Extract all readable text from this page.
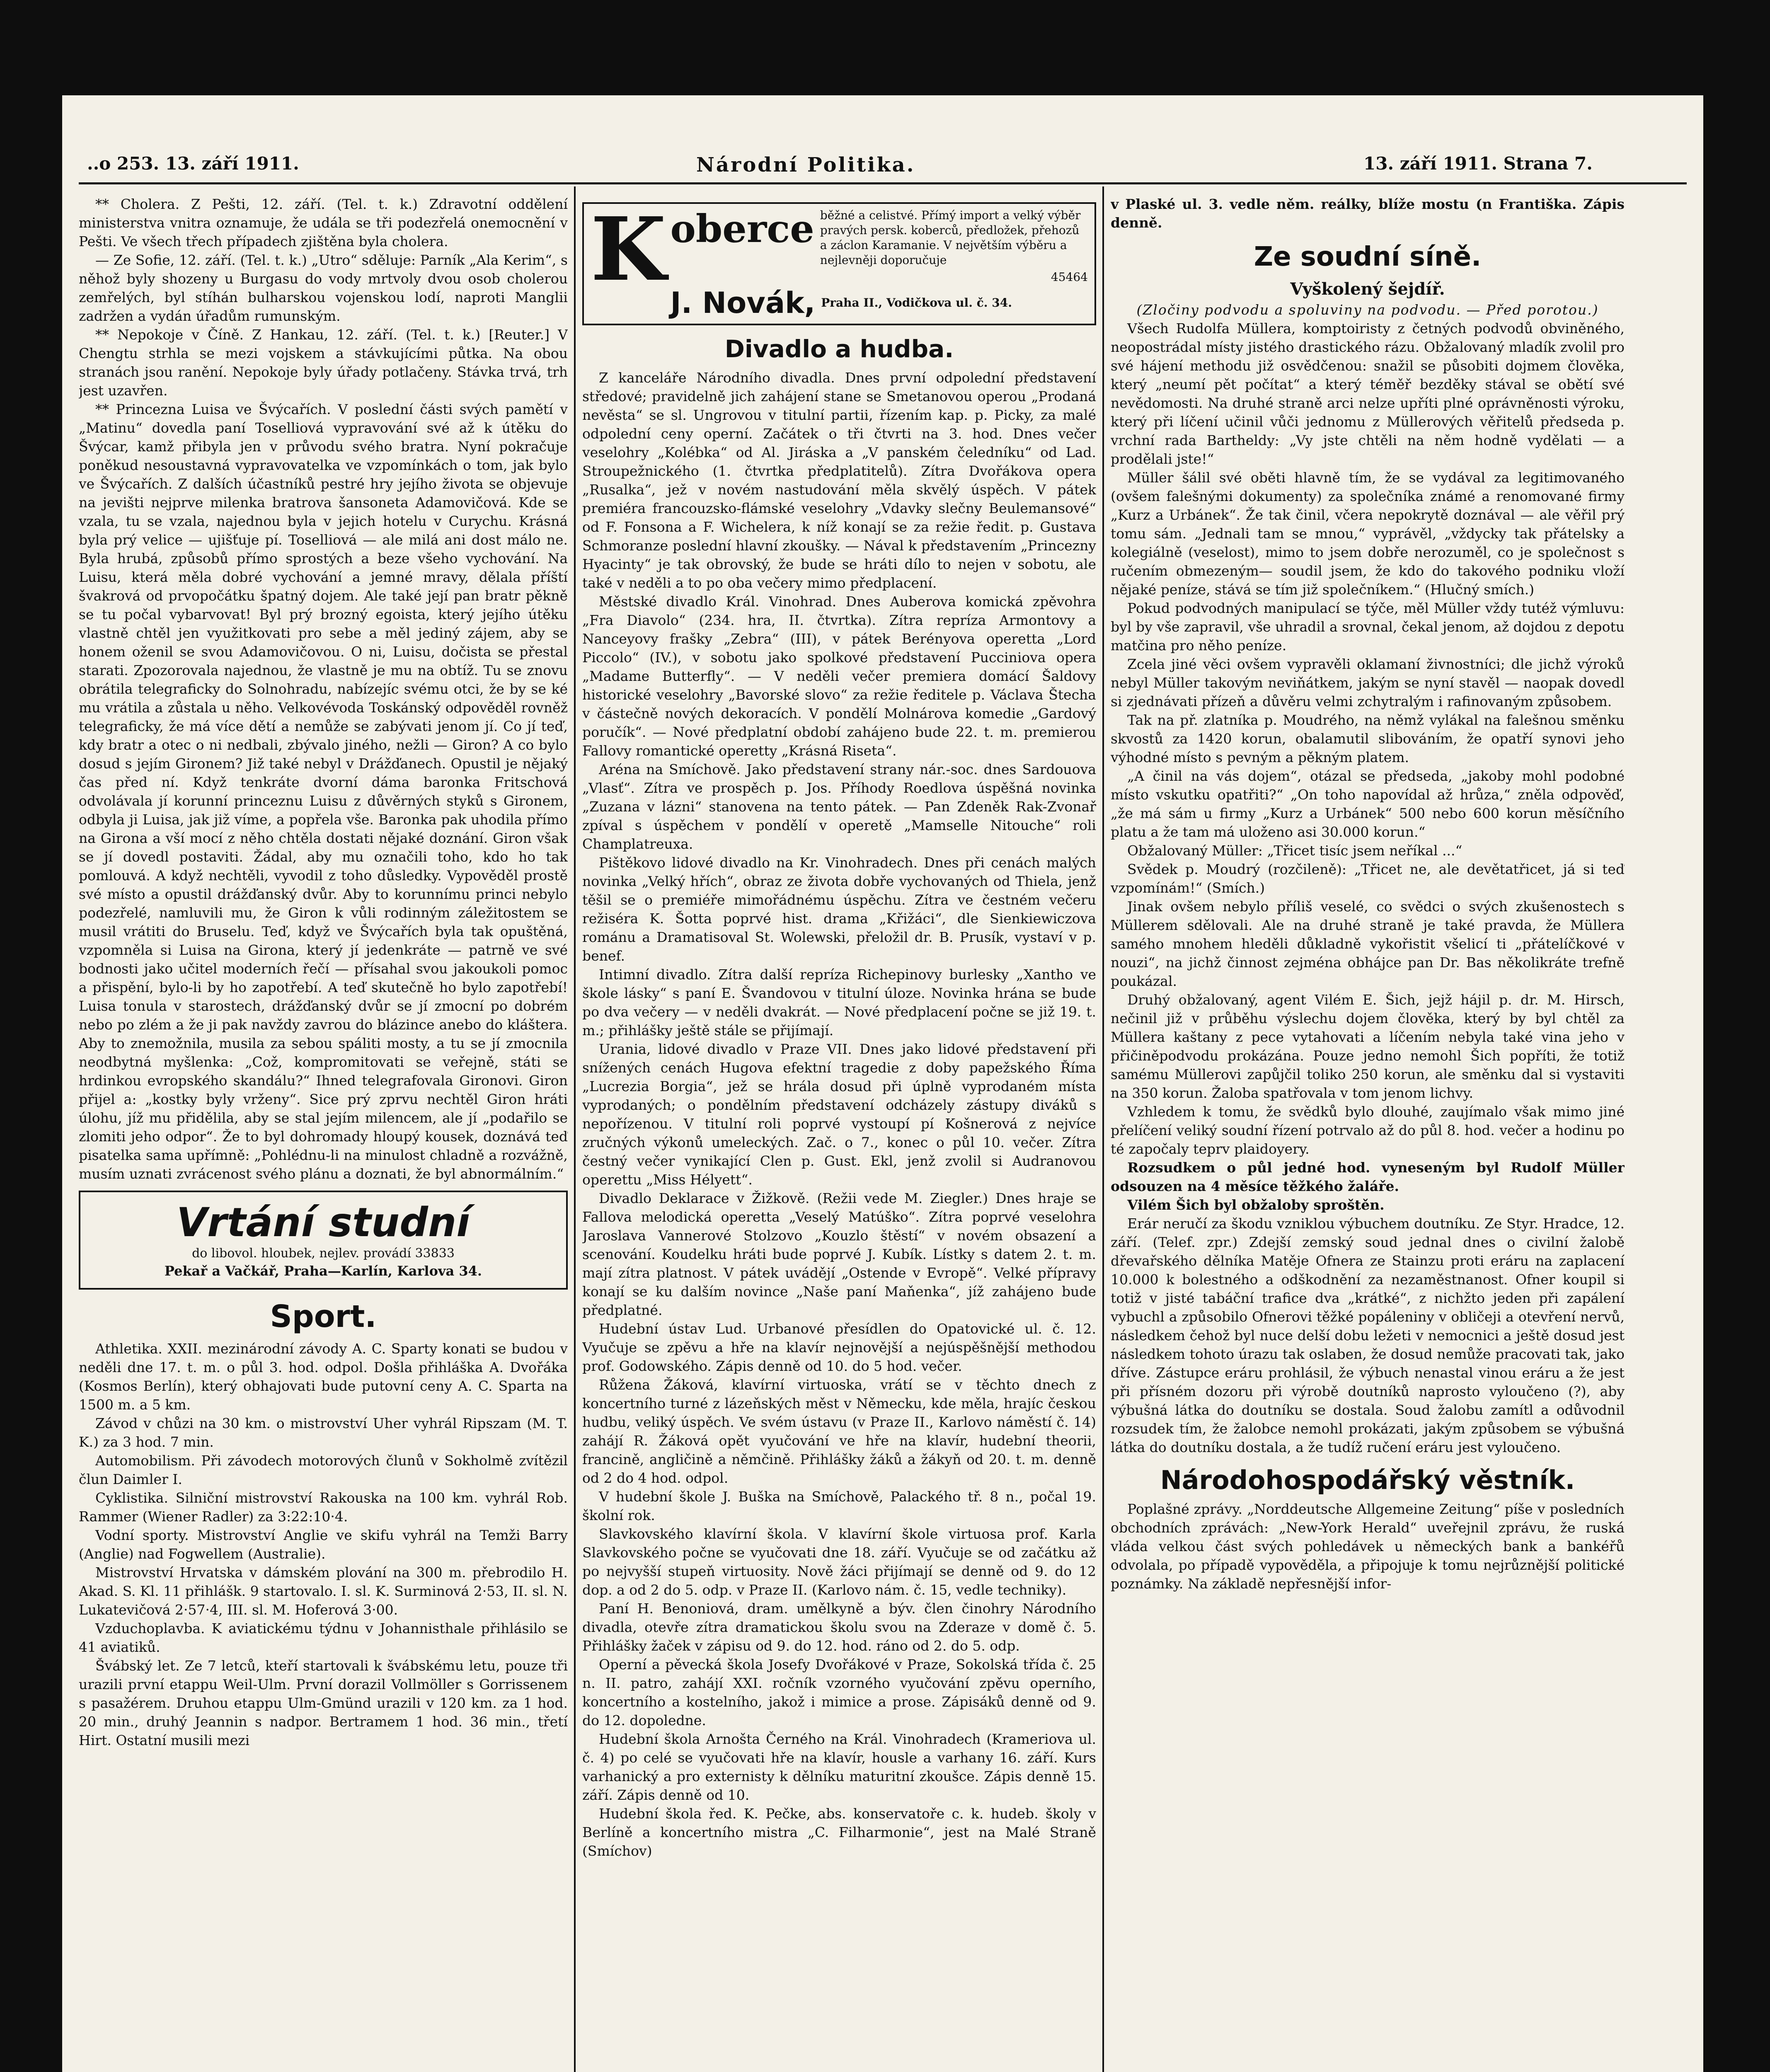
..o 253. 13. září 1911.	Národní Politika.	13. září 1911. Strana 7.

** Cholera. Z Pešti, 12. září. (Tel. t. k.) Zdravotní oddělení ministerstva vnitra oznamuje, že udála se tři podezřelá onemocnění v Pešti. Ve všech třech případech zjištěna byla cholera.

— Ze Sofie, 12. září. (Tel. t. k.) „Utro“ sděluje: Parník „Ala Kerim“, s něhož byly shozeny u Burgasu do vody mrtvoly dvou osob cholerou zemřelých, byl stíhán bulharskou vojenskou lodí, naproti Manglii zadržen a vydán úřadům rumunským.

** Nepokoje v Číně. Z Hankau, 12. září. (Tel. t. k.) [Reuter.] V Chengtu strhla se mezi vojskem a stávkujícími půtka. Na obou stranách jsou ranění. Nepokoje byly úřady potlačeny. Stávka trvá, trh jest uzavřen.

** Princezna Luisa ve Švýcařích. V poslední části svých pamětí v „Matinu“ dovedla paní Toselliová vypravování své až k útěku do Švýcar, kamž přibyla jen v průvodu svého bratra. Nyní pokračuje poněkud nesoustavná vypravovatelka ve vzpomínkách o tom, jak bylo ve Švýcařích. Z dalších účastníků pestré hry jejího života se objevuje na jevišti nejprve milenka bratrova šansoneta Adamovičová. Kde se vzala, tu se vzala, najednou byla v jejich hotelu v Curychu. Krásná byla prý velice — ujišťuje pí. Toselliová — ale milá ani dost málo ne. Byla hrubá, způsobů přímo sprostých a beze všeho vychování. Na Luisu, která měla dobré vychování a jemné mravy, dělala příští švakrová od prvopočátku špatný dojem. Ale také její pan bratr pěkně se tu počal vybarvovat! Byl prý brozný egoista, který jejího útěku vlastně chtěl jen využitkovati pro sebe a měl jediný zájem, aby se honem oženil se svou Adamovičovou. O ni, Luisu, dočista se přestal starati. Zpozorovala najednou, že vlastně je mu na obtíž. Tu se znovu obrátila telegraficky do Solnohradu, nabízejíc svému otci, že by se ké mu vrátila a zůstala u něho. Velkovévoda Toskánský odpověděl rovněž telegraficky, že má více dětí a nemůže se zabývati jenom jí. Co jí teď, kdy bratr a otec o ni nedbali, zbývalo jiného, nežli — Giron? A co bylo dosud s jejím Gironem? Již také nebyl v Drážďanech. Opustil je nějaký čas před ní. Když tenkráte dvorní dáma baronka Fritschová odvolávala jí korunní princeznu Luisu z důvěrných styků s Gironem, odbyla ji Luisa, jak již víme, a popřela vše. Baronka pak uhodila přímo na Girona a vší mocí z něho chtěla dostati nějaké doznání. Giron však se jí dovedl postaviti. Žádal, aby mu označili toho, kdo ho tak pomlouvá. A když nechtěli, vyvodil z toho důsledky. Vypověděl prostě své místo a opustil drážďanský dvůr. Aby to korunnímu princi nebylo podezřelé, namluvili mu, že Giron k vůli rodinným záležitostem se musil vrátiti do Bruselu. Teď, když ve Švýcařích byla tak opuštěná, vzpomněla si Luisa na Girona, který jí jedenkráte — patrně ve své bodnosti jako učitel moderních řečí — přísahal svou jakoukoli pomoc a přispění, bylo-li by ho zapotřebí. A teď skutečně ho bylo zapotřebí! Luisa tonula v starostech, drážďanský dvůr se jí zmocní po dobrém nebo po zlém a že ji pak navždy zavrou do blázince anebo do kláštera. Aby to znemožnila, musila za sebou spáliti mosty, a tu se jí zmocnila neodbytná myšlenka: „Což, kompromitovati se veřejně, státi se hrdinkou evropského skandálu?“ Ihned telegrafovala Gironovi. Giron přijel a: „kostky byly vrženy“. Sice prý zprvu nechtěl Giron hráti úlohu, jíž mu přidělila, aby se stal jejím milencem, ale jí „podařilo se zlomiti jeho odpor“. Že to byl dohromady hloupý kousek, doznává teď pisatelka sama upřímně: „Pohlédnu-li na minulost chladně a rozvážně, musím uznati zvrácenost svého plánu a doznati, že byl abnormálním.“

Vrtání studní
do libovol. hloubek, nejlev. provádí 33833
Pekař a Vačkář, Praha—Karlín, Karlova 34.
Sport.

Athletika. XXII. mezinárodní závody A. C. Sparty konati se budou v neděli dne 17. t. m. o půl 3. hod. odpol. Došla přihláška A. Dvořáka (Kosmos Berlín), který obhajovati bude putovní ceny A. C. Sparta na 1500 m. a 5 km.

Závod v chůzi na 30 km. o mistrovství Uher vyhrál Ripszam (M. T. K.) za 3 hod. 7 min.

Automobilism. Při závodech motorových člunů v Sokholmě zvítězil člun Daimler I.

Cyklistika. Silniční mistrovství Rakouska na 100 km. vyhrál Rob. Rammer (Wiener Radler) za 3:22:10·4.

Vodní sporty. Mistrovství Anglie ve skifu vyhrál na Temži Barry (Anglie) nad Fogwellem (Australie).

Mistrovství Hrvatska v dámském plování na 300 m. přebrodilo H. Akad. S. Kl. 11 přihlášk. 9 startovalo. I. sl. K. Surminová 2·53, II. sl. N. Lukatevičová 2·57·4, III. sl. M. Hoferová 3·00.

Vzduchoplavba. K aviatickému týdnu v Johannisthale přihlásilo se 41 aviatiků.

Švábský let. Ze 7 letců, kteří startovali k švábskému letu, pouze tři urazili první etappu Weil-Ulm. První dorazil Vollmöller s Gorrissenem s pasažérem. Druhou etappu Ulm-Gmünd urazili v 120 km. za 1 hod. 20 min., druhý Jeannin s nadpor. Bertramem 1 hod. 36 min., třetí Hirt. Ostatní musili mezi

K oberce běžné a celistvé. Přímý import a velký výběr pravých persk. koberců, předložek, přehozů a záclon Karamanie. V největším výběru a nejlevněji doporučuje
45464
J. Novák, Praha II., Vodičkova ul. č. 34.
Divadlo a hudba.

Z kanceláře Národního divadla. Dnes první odpolední představení středové; pravidelně jich zahájení stane se Smetanovou operou „Prodaná nevěsta“ se sl. Ungrovou v titulní partii, řízením kap. p. Picky, za malé odpolední ceny operní. Začátek o tři čtvrti na 3. hod. Dnes večer veselohry „Kolébka“ od Al. Jiráska a „V panském čeledníku“ od Lad. Stroupežnického (1. čtvrtka předplatitelů). Zítra Dvořákova opera „Rusalka“, jež v novém nastudování měla skvělý úspěch. V pátek premiéra francouzsko-flámské veselohry „Vdavky slečny Beulemansové“ od F. Fonsona a F. Wichelera, k níž konají se za režie ředit. p. Gustava Schmoranze poslední hlavní zkoušky. — Nával k představením „Princezny Hyacinty“ je tak obrovský, že bude se hráti dílo to nejen v sobotu, ale také v neděli a to po oba večery mimo předplacení.

Městské divadlo Král. Vinohrad. Dnes Auberova komická zpěvohra „Fra Diavolo“ (234. hra, II. čtvrtka). Zítra repríza Armontovy a Nanceyovy frašky „Zebra“ (III), v pátek Berényova operetta „Lord Piccolo“ (IV.), v sobotu jako spolkové představení Pucciniova opera „Madame Butterfly“. — V neděli večer premiera domácí Šaldovy historické veselohry „Bavorské slovo“ za režie ředitele p. Václava Štecha v částečně nových dekoracích. V pondělí Molnárova komedie „Gardový poručík“. — Nové předplatní období zahájeno bude 22. t. m. premierou Fallovy romantické operetty „Krásná Riseta“.

Aréna na Smíchově. Jako představení strany nár.-soc. dnes Sardouova „Vlasť“. Zítra ve prospěch p. Jos. Příhody Roedlova úspěšná novinka „Zuzana v lázni“ stanovena na tento pátek. — Pan Zdeněk Rak-Zvonař zpíval s úspěchem v pondělí v operetě „Mamselle Nitouche“ roli Champlatreuxa.

Pištěkovo lidové divadlo na Kr. Vinohradech. Dnes při cenách malých novinka „Velký hřích“, obraz ze života dobře vychovaných od Thiela, jenž těšil se o premiéře mimořádnému úspěchu. Zítra ve čestném večeru režiséra K. Šotta poprvé hist. drama „Křižáci“, dle Sienkiewiczova románu a Dramatisoval St. Wolewski, přeložil dr. B. Prusík, vystaví v p. benef.

Intimní divadlo. Zítra další repríza Richepinovy burlesky „Xantho ve škole lásky“ s paní E. Švandovou v titulní úloze. Novinka hrána se bude po dva večery — v neděli dvakrát. — Nové předplacení počne se již 19. t. m.; přihlášky ještě stále se přijímají.

Urania, lidové divadlo v Praze VII. Dnes jako lidové představení při snížených cenách Hugova efektní tragedie z doby papežského Říma „Lucrezia Borgia“, jež se hrála dosud při úplně vyprodaném místa vyprodaných; o pondělním představení odcházely zástupy diváků s nepořízenou. V titulní roli poprvé vystoupí pí Košnerová z nejvíce zručných výkonů umeleckých. Zač. o 7., konec o půl 10. večer. Zítra čestný večer vynikající Clen p. Gust. Ekl, jenž zvolil si Audranovou operettu „Miss Hélyett“.

Divadlo Deklarace v Žižkově. (Režii vede M. Ziegler.) Dnes hraje se Fallova melodická operetta „Veselý Matúško“. Zítra poprvé veselohra Jaroslava Vannerové Stolzovo „Kouzlo štěstí“ v novém obsazení a scenování. Koudelku hráti bude poprvé J. Kubík. Lístky s datem 2. t. m. mají zítra platnost. V pátek uvádějí „Ostende v Evropě“. Velké přípravy konají se ku dalším novince „Naše paní Maňenka“, jíž zahájeno bude předplatné.

Hudební ústav Lud. Urbanové přesídlen do Opatovické ul. č. 12. Vyučuje se zpěvu a hře na klavír nejnovější a nejúspěšnější methodou prof. Godowského. Zápis denně od 10. do 5 hod. večer.

Růžena Žáková, klavírní virtuoska, vrátí se v těchto dnech z koncertního turné z lázeňských měst v Německu, kde měla, hrajíc českou hudbu, veliký úspěch. Ve svém ústavu (v Praze II., Karlovo náměstí č. 14) zahájí R. Žáková opět vyučování ve hře na klavír, hudební theorii, francině, angličině a němčině. Přihlášky žáků a žákyň od 20. t. m. denně od 2 do 4 hod. odpol.

V hudební škole J. Buška na Smíchově, Palackého tř. 8 n., počal 19. školní rok.

Slavkovského klavírní škola. V klavírní škole virtuosa prof. Karla Slavkovského počne se vyučovati dne 18. září. Vyučuje se od začátku až po nejvyšší stupeň virtuosity. Nově žáci přijímají se denně od 9. do 12 dop. a od 2 do 5. odp. v Praze II. (Karlovo nám. č. 15, vedle techniky).

Paní H. Benoniová, dram. umělkyně a býv. člen činohry Národního divadla, otevře zítra dramatickou školu svou na Zderaze v domě č. 5. Přihlášky žaček v zápisu od 9. do 12. hod. ráno od 2. do 5. odp.

Operní a pěvecká škola Josefy Dvořákové v Praze, Sokolská třída č. 25 n. II. patro, zahájí XXI. ročník vzorného vyučování zpěvu operního, koncertního a kostelního, jakož i mimice a prose. Zápisáků denně od 9. do 12. dopoledne.

Hudební škola Arnošta Černého na Král. Vinohradech (Krameriova ul. č. 4) po celé se vyučovati hře na klavír, housle a varhany 16. září. Kurs varhanický a pro externisty k dělníku maturitní zkoušce. Zápis denně 15. září. Zápis denně od 10.

Hudební škola řed. K. Pečke, abs. konservatoře c. k. hudeb. školy v Berlíně a koncertního mistra „C. Filharmonie“, jest na Malé Straně (Smíchov)

v Plaské ul. 3. vedle něm. reálky, blíže mostu (n Františka. Zápis denně.

Ze soudní síně.
Vyškolený šejdíř.
(Zločiny podvodu a spoluviny na podvodu. — Před porotou.)

Všech Rudolfa Müllera, komptoiristy z četných podvodů obviněného, neopostrádal místy jistého drastického rázu. Obžalovaný mladík zvolil pro své hájení methodu již osvědčenou: snažil se působiti dojmem člověka, který „neumí pět počítat“ a který téměř bezděky stával se obětí své nevědomosti. Na druhé straně arci nelze upříti plné oprávněnosti výroku, který při líčení učinil vůči jednomu z Müllerových věřitelů předseda p. vrchní rada Bartheldy: „Vy jste chtěli na něm hodně vydělati — a prodělali jste!“

Müller šálil své oběti hlavně tím, že se vydával za legitimovaného (ovšem falešnými dokumenty) za společníka známé a renomované firmy „Kurz a Urbánek“. Že tak činil, včera nepokrytě doznával — ale věřil prý tomu sám. „Jednali tam se mnou,“ vyprávěl, „vždycky tak přátelsky a kolegiálně (veselost), mimo to jsem dobře nerozuměl, co je společnost s ručením obmezeným— soudil jsem, že kdo do takového podniku vloží nějaké peníze, stává se tím již společníkem.“ (Hlučný smích.)

Pokud podvodných manipulací se týče, měl Müller vždy tutéž výmluvu: byl by vše zapravil, vše uhradil a srovnal, čekal jenom, až dojdou z depotu matčina pro něho peníze.

Zcela jiné věci ovšem vypravěli oklamaní živnostníci; dle jichž výroků nebyl Müller takovým neviňátkem, jakým se nyní stavěl — naopak dovedl si zjednávati přízeň a důvěru velmi zchytralým i rafinovaným způsobem.

Tak na př. zlatníka p. Moudrého, na němž vylákal na falešnou směnku skvostů za 1420 korun, obalamutil slibováním, že opatří synovi jeho výhodné místo s pevným a pěkným platem.

„A činil na vás dojem“, otázal se předseda, „jakoby mohl podobné místo vskutku opatřiti?“ „On toho napovídal až hrůza,“ zněla odpověď, „že má sám u firmy „Kurz a Urbánek“ 500 nebo 600 korun měsíčního platu a že tam má uloženo asi 30.000 korun.“

Obžalovaný Müller: „Třicet tisíc jsem neříkal ...“

Svědek p. Moudrý (rozčileně): „Třicet ne, ale devětatřicet, já si teď vzpomínám!“ (Smích.)

Jinak ovšem nebylo příliš veselé, co svědci o svých zkušenostech s Müllerem sdělovali. Ale na druhé straně je také pravda, že Müllera samého mnohem hleděli důkladně vykořistit všelicí ti „přátelíčkové v nouzi“, na jichž činnost zejména obhájce pan Dr. Bas několikráte trefně poukázal.

Druhý obžalovaný, agent Vilém E. Šich, jejž hájil p. dr. M. Hirsch, nečinil již v průběhu výslechu dojem člověka, který by byl chtěl za Müllera kaštany z pece vytahovati a líčením nebyla také vina jeho v přičiněpodvodu prokázána. Pouze jedno nemohl Šich popříti, že totiž samému Müllerovi zapůjčil toliko 250 korun, ale směnku dal si vystaviti na 350 korun. Žaloba spatřovala v tom jenom lichvy.

Vzhledem k tomu, že svědků bylo dlouhé, zaujímalo však mimo jiné přelíčení veliký soudní řízení potrvalo až do půl 8. hod. večer a hodinu po té započaly teprv plaidoyery.

Rozsudkem o půl jedné hod. vyneseným byl Rudolf Müller odsouzen na 4 měsíce těžkého žaláře.

Vilém Šich byl obžaloby sproštěn.

Erár neručí za škodu vzniklou výbuchem doutníku. Ze Styr. Hradce, 12. září. (Telef. zpr.) Zdejší zemský soud jednal dnes o civilní žalobě dřevařského dělníka Matěje Ofnera ze Stainzu proti eráru na zaplacení 10.000 k bolestného a odškodnění za nezaměstnanost. Ofner koupil si totiž v jisté tabáční trafice dva „krátké“, z nichžto jeden při zapálení vybuchl a způsobilo Ofnerovi těžké popáleniny v obličeji a otevření nervů, následkem čehož byl nuce delší dobu ležeti v nemocnici a ještě dosud jest následkem tohoto úrazu tak oslaben, že dosud nemůže pracovati tak, jako dříve. Zástupce eráru prohlásil, že výbuch nenastal vinou eráru a že jest při přísném dozoru při výrobě doutníků naprosto vyloučeno (?), aby výbušná látka do doutníku se dostala. Soud žalobu zamítl a odůvodnil rozsudek tím, že žalobce nemohl prokázati, jakým způsobem se výbušná látka do doutníku dostala, a že tudíž ručení eráru jest vyloučeno.

Národohospodářský věstník.

Poplašné zprávy. „Norddeutsche Allgemeine Zeitung“ píše v posledních obchodních zprávách: „New-York Herald“ uveřejnil zprávu, že ruská vláda velkou část svých pohledávek u německých bank a bankéřů odvolala, po případě vypověděla, a připojuje k tomu nejrůznější politické poznámky. Na základě nepřesnější infor-
